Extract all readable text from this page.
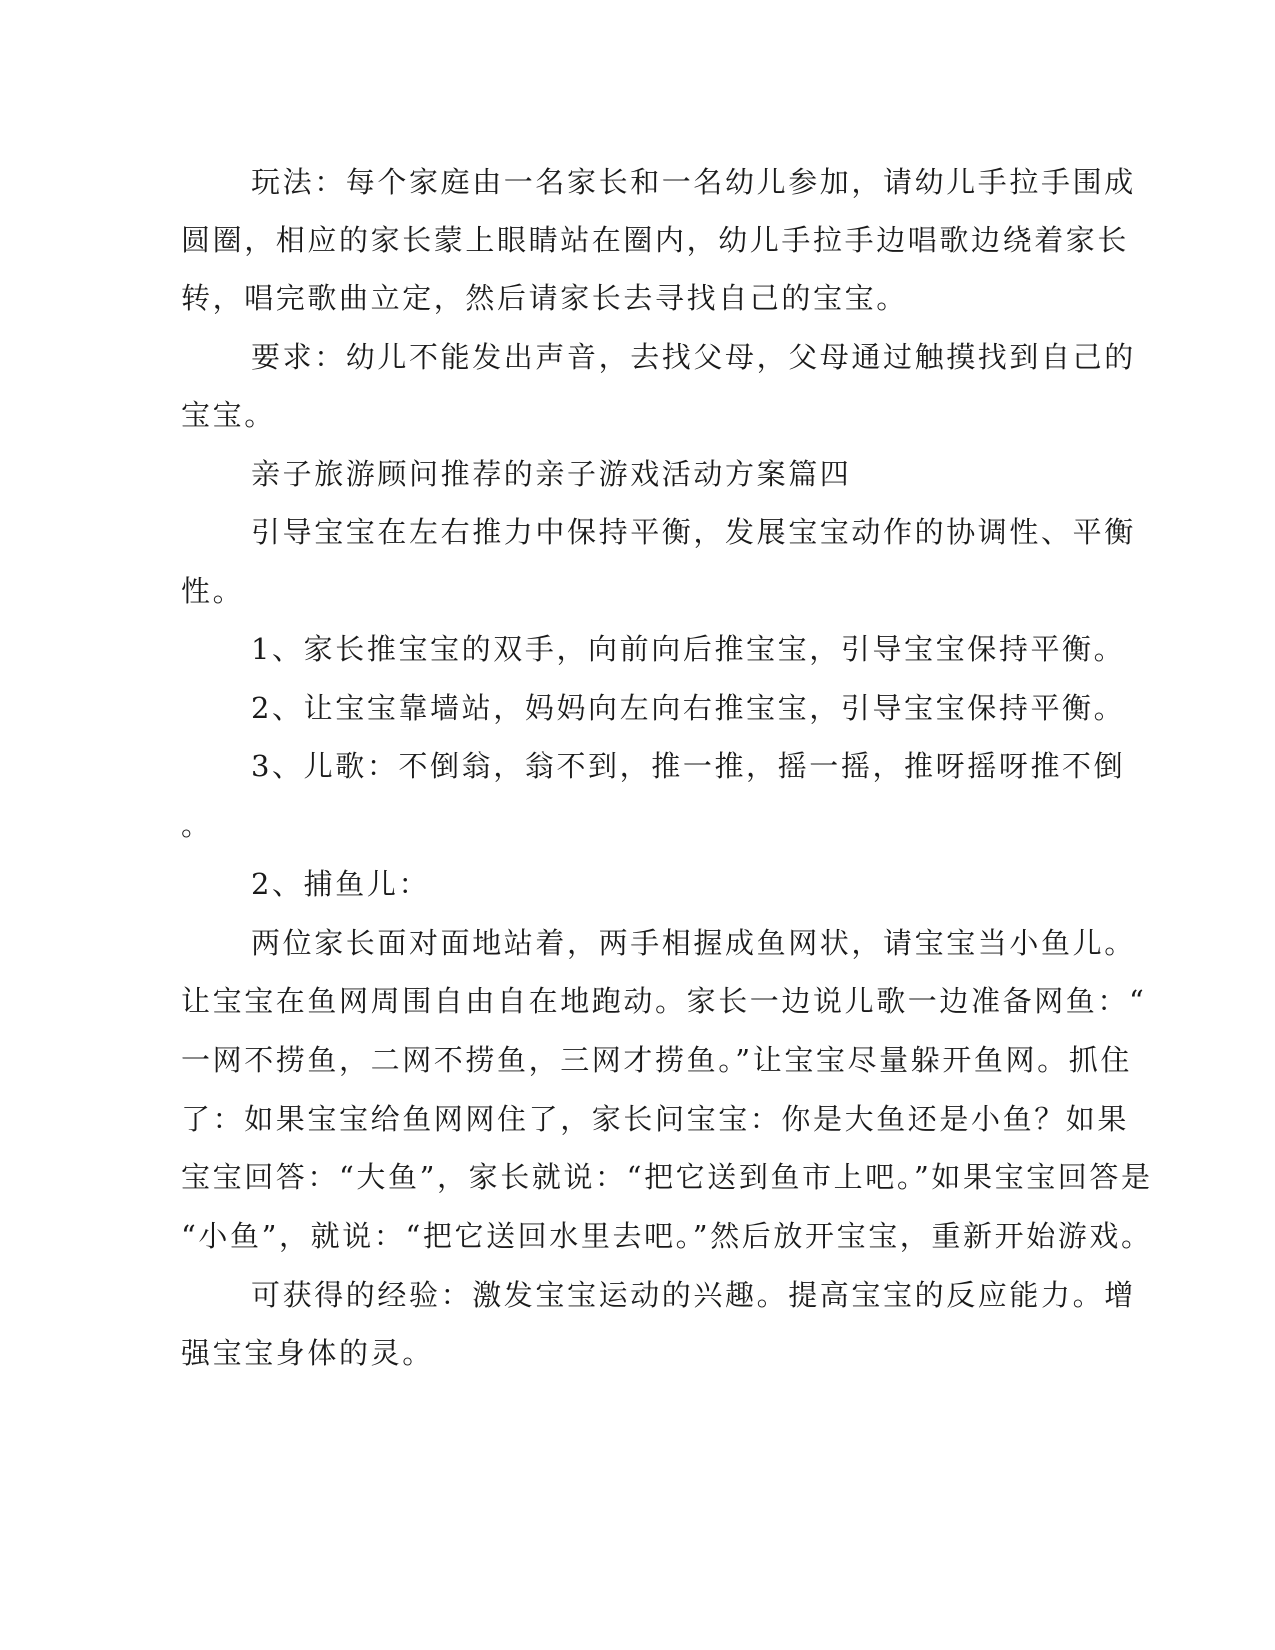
玩法：每个家庭由一名家长和一名幼儿参加，请幼儿手拉手围成
圆圈，相应的家长蒙上眼睛站在圈内，幼儿手拉手边唱歌边绕着家长
转，唱完歌曲立定，然后请家长去寻找自己的宝宝。
要求：幼儿不能发出声音，去找父母，父母通过触摸找到自己的
宝宝。
亲子旅游顾问推荐的亲子游戏活动方案篇四
引导宝宝在左右推力中保持平衡，发展宝宝动作的协调性、平衡
性。
1、家长推宝宝的双手，向前向后推宝宝，引导宝宝保持平衡。
2、让宝宝靠墙站，妈妈向左向右推宝宝，引导宝宝保持平衡。
3、儿歌：不倒翁，翁不到，推一推，摇一摇，推呀摇呀推不倒
。
2、捕鱼儿：
两位家长面对面地站着，两手相握成鱼网状，请宝宝当小鱼儿。
让宝宝在鱼网周围自由自在地跑动。家长一边说儿歌一边准备网鱼：“
一网不捞鱼，二网不捞鱼，三网才捞鱼。”让宝宝尽量躲开鱼网。抓住
了：如果宝宝给鱼网网住了，家长问宝宝：你是大鱼还是小鱼？如果
宝宝回答：“大鱼”，家长就说：“把它送到鱼市上吧。”如果宝宝回答是
“小鱼”，就说：“把它送回水里去吧。”然后放开宝宝，重新开始游戏。
可获得的经验：激发宝宝运动的兴趣。提高宝宝的反应能力。增
强宝宝身体的灵。
